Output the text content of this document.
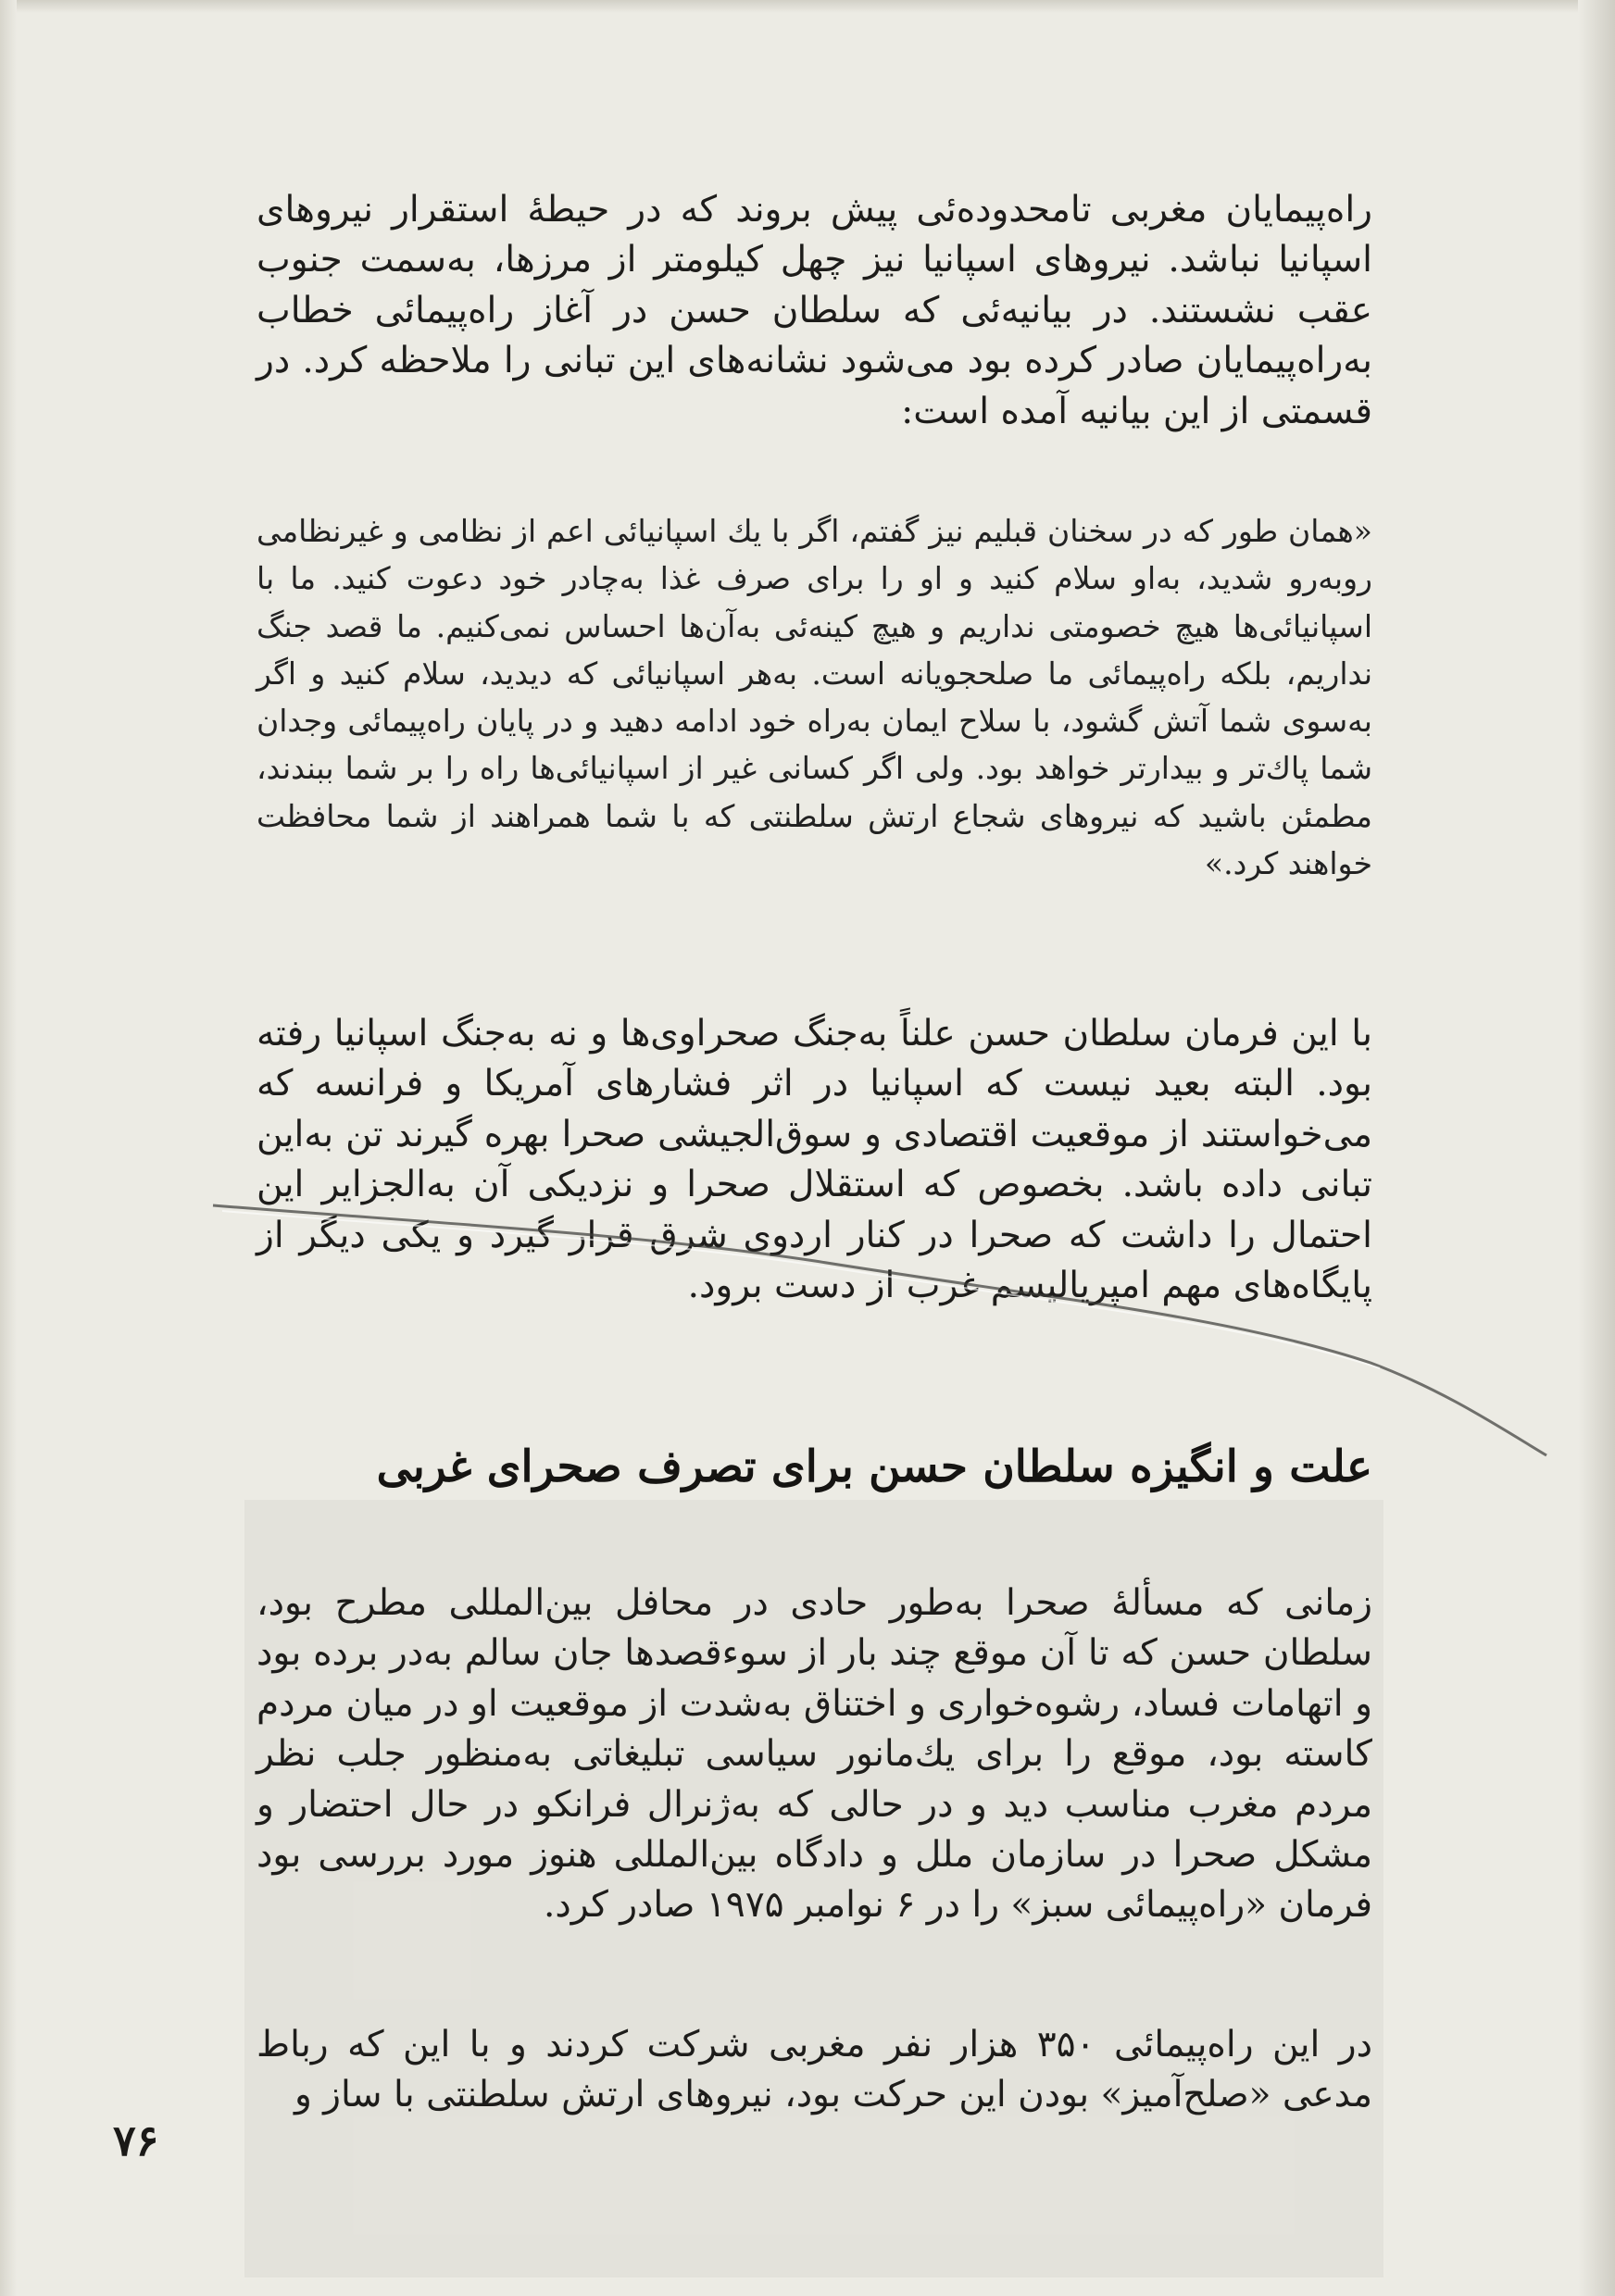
راه‌پیمایان مغربی تامحدوده‌ئی پیش بروند که در حیطهٔ استقرار نیروهای اسپانیا نباشد. نیروهای اسپانیا نیز چهل کیلومتر از مرزها، به‌سمت جنوب عقب نشستند. در بیانیه‌ئی که سلطان حسن در آغاز راه‌پیمائی خطاب به‌راه‌پیمایان صادر کرده بود می‌شود نشانه‌های این تبانی را ملاحظه کرد. در قسمتی از این بیانیه آمده است:

«همان طور که در سخنان قبلیم نیز گفتم، اگر با یك اسپانیائی اعم از نظامی و غیرنظامی روبه‌رو شدید، به‌او سلام کنید و او را برای صرف غذا به‌چادر خود دعوت کنید. ما با اسپانیائی‌ها هیچ خصومتی نداریم و هیچ کینه‌ئی به‌آن‌ها احساس نمی‌کنیم. ما قصد جنگ نداریم، بلکه راه‌پیمائی ما صلحجویانه است. به‌هر اسپانیائی که دیدید، سلام کنید و اگر به‌سوی شما آتش گشود، با سلاح ایمان به‌راه خود ادامه دهید و در پایان راه‌پیمائی وجدان شما پاك‌تر و بیدارتر خواهد بود. ولی اگر کسانی غیر از اسپانیائی‌ها راه را بر شما ببندند، مطمئن باشید که نیروهای شجاع ارتش سلطنتی که با شما همراهند از شما محافظت خواهند کرد.»

با این فرمان سلطان حسن علناً به‌جنگ صحراوی‌ها و نه به‌جنگ اسپانیا رفته بود. البته بعید نیست که اسپانیا در اثر فشارهای آمریکا و فرانسه که می‌خواستند از موقعیت اقتصادی و سوق‌الجیشی صحرا بهره گیرند تن به‌این تبانی داده باشد. بخصوص که استقلال صحرا و نزدیکی آن به‌الجزایر این احتمال را داشت که صحرا در کنار اردوی شرق قرار گیرد و یکی دیگر از پایگاه‌های مهم امپریالیسم غرب از دست برود.

علت و انگیزه سلطان حسن برای تصرف صحرای غربی

زمانی که مسألهٔ صحرا به‌طور حادی در محافل بین‌المللی مطرح بود، سلطان حسن که تا آن موقع چند بار از سوءقصدها جان سالم به‌در برده بود و اتهامات فساد، رشوه‌خواری و اختناق به‌شدت از موقعیت او در میان مردم کاسته بود، موقع را برای یك‌مانور سیاسی تبلیغاتی به‌منظور جلب نظر مردم مغرب مناسب دید و در حالی که به‌ژنرال فرانکو در حال احتضار و مشکل صحرا در سازمان ملل و دادگاه بین‌المللی هنوز مورد بررسی بود فرمان «راه‌پیمائی سبز» را در ۶ نوامبر ۱۹۷۵ صادر کرد.

در این راه‌پیمائی ۳۵۰ هزار نفر مغربی شرکت کردند و با این که رباط مدعی «صلح‌آمیز» بودن این حرکت بود، نیروهای ارتش سلطنتی با ساز و

۷۶
